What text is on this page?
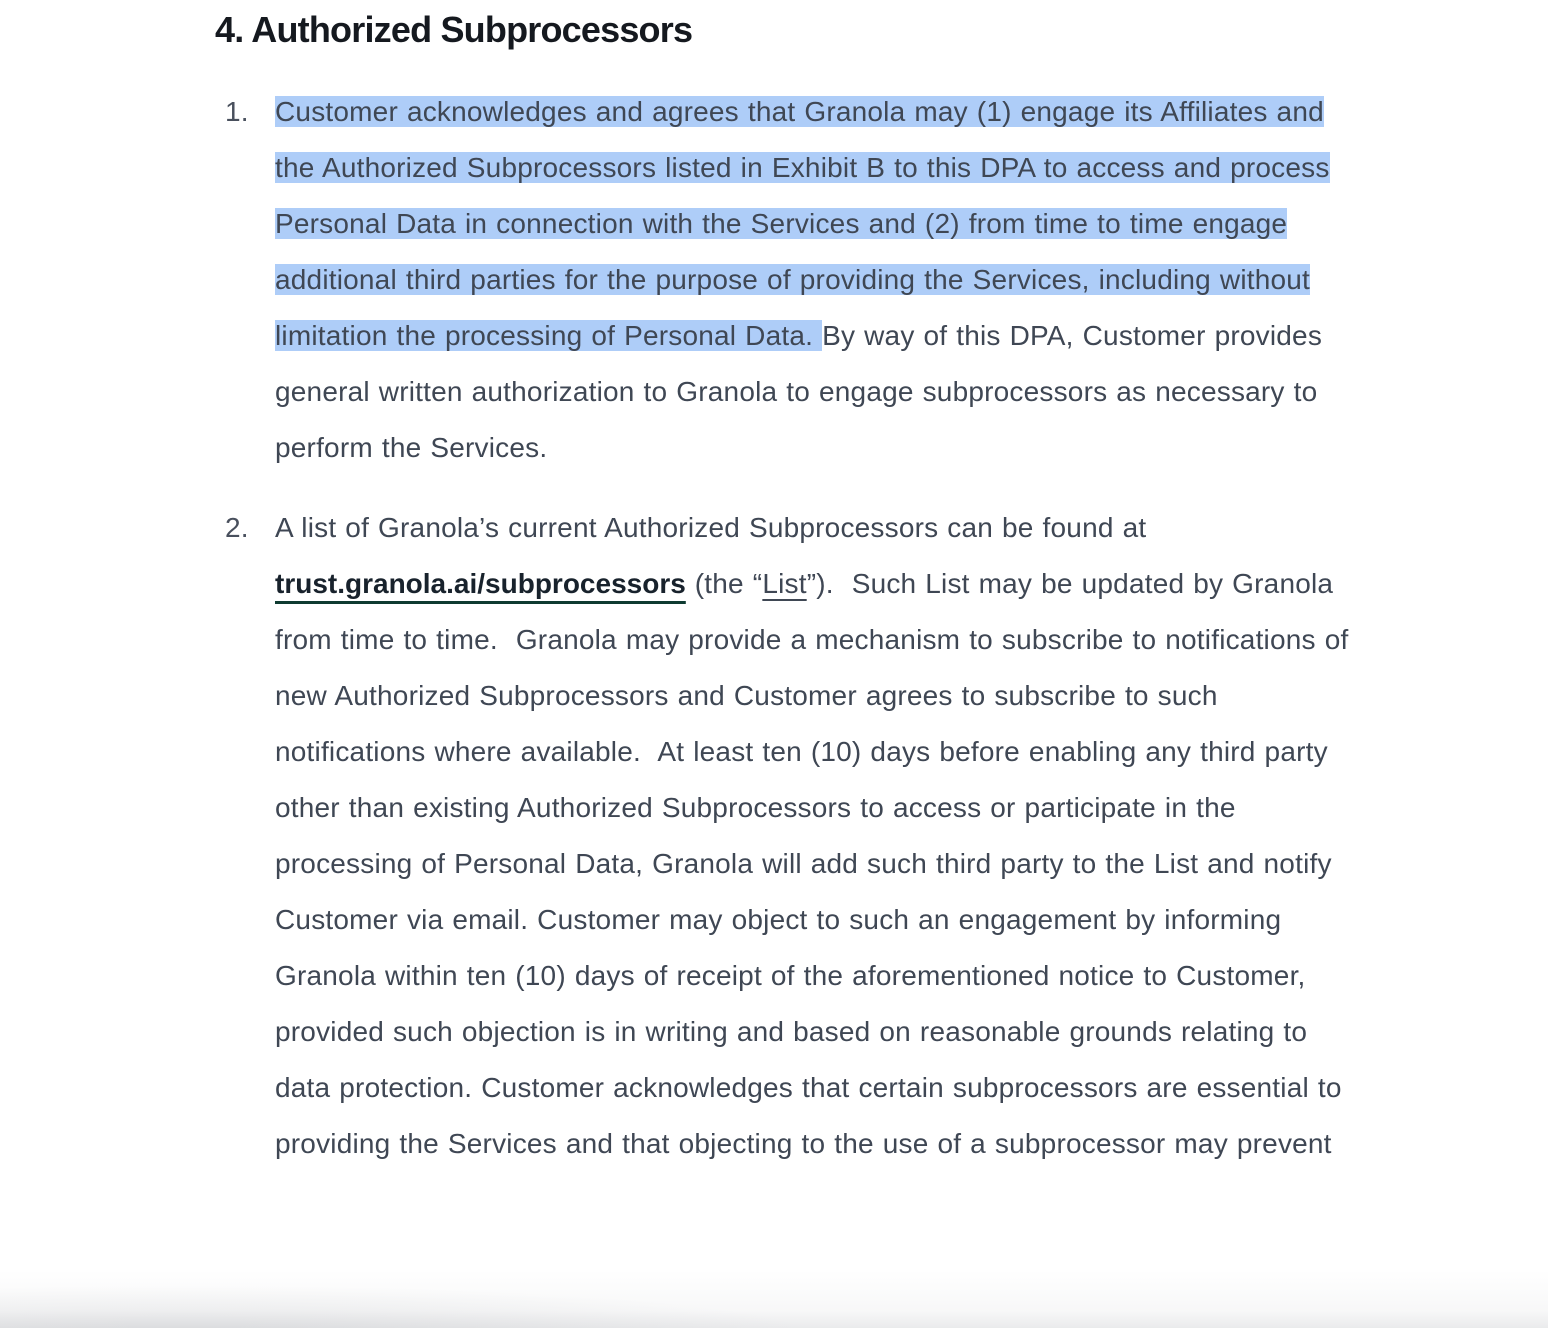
4. Authorized Subprocessors
1. Customer acknowledges and agrees that Granola may (1) engage its Affiliates and the Authorized Subprocessors listed in Exhibit B to this DPA to access and process Personal Data in connection with the Services and (2) from time to time engage additional third parties for the purpose of providing the Services, including without limitation the processing of Personal Data. By way of this DPA, Customer provides general written authorization to Granola to engage subprocessors as necessary to perform the Services.
2. A list of Granola’s current Authorized Subprocessors can be found at trust.granola.ai/subprocessors (the “List”).  Such List may be updated by Granola from time to time.  Granola may provide a mechanism to subscribe to notifications of new Authorized Subprocessors and Customer agrees to subscribe to such notifications where available.  At least ten (10) days before enabling any third party other than existing Authorized Subprocessors to access or participate in the processing of Personal Data, Granola will add such third party to the List and notify Customer via email. Customer may object to such an engagement by informing Granola within ten (10) days of receipt of the aforementioned notice to Customer, provided such objection is in writing and based on reasonable grounds relating to data protection. Customer acknowledges that certain subprocessors are essential to providing the Services and that objecting to the use of a subprocessor may prevent
